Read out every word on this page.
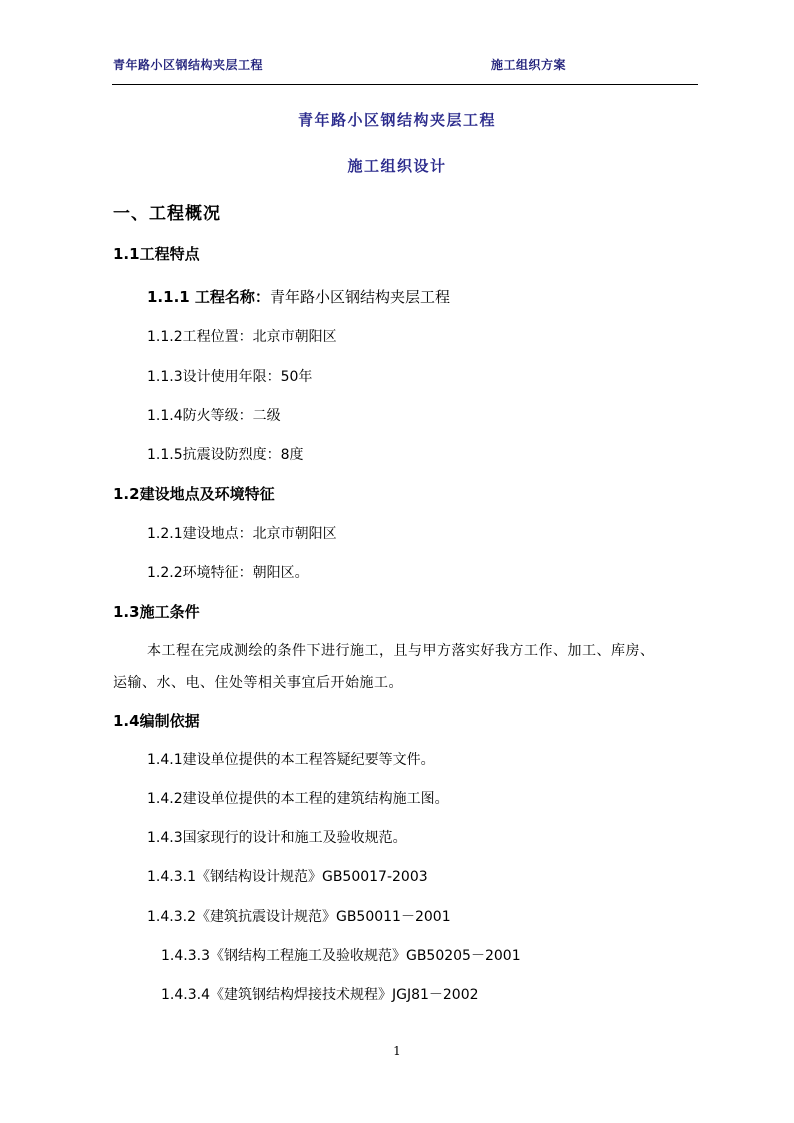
青年路小区钢结构夹层工程	施工组织方案
青年路小区钢结构夹层工程
施工组织设计
一、工程概况
1.1工程特点
1.1.1 工程名称：青年路小区钢结构夹层工程
1.1.2工程位置：北京市朝阳区
1.1.3设计使用年限：50年
1.1.4防火等级：二级
1.1.5抗震设防烈度：8度
1.2建设地点及环境特征
1.2.1建设地点：北京市朝阳区
1.2.2环境特征：朝阳区。
1.3施工条件
本工程在完成测绘的条件下进行施工，且与甲方落实好我方工作、加工、库房、
运输、水、电、住处等相关事宜后开始施工。
1.4编制依据
1.4.1建设单位提供的本工程答疑纪要等文件。
1.4.2建设单位提供的本工程的建筑结构施工图。
1.4.3国家现行的设计和施工及验收规范。
1.4.3.1《钢结构设计规范》GB50017-2003
1.4.3.2《建筑抗震设计规范》GB50011－2001
1.4.3.3《钢结构工程施工及验收规范》GB50205－2001
1.4.3.4《建筑钢结构焊接技术规程》JGJ81－2002
1
